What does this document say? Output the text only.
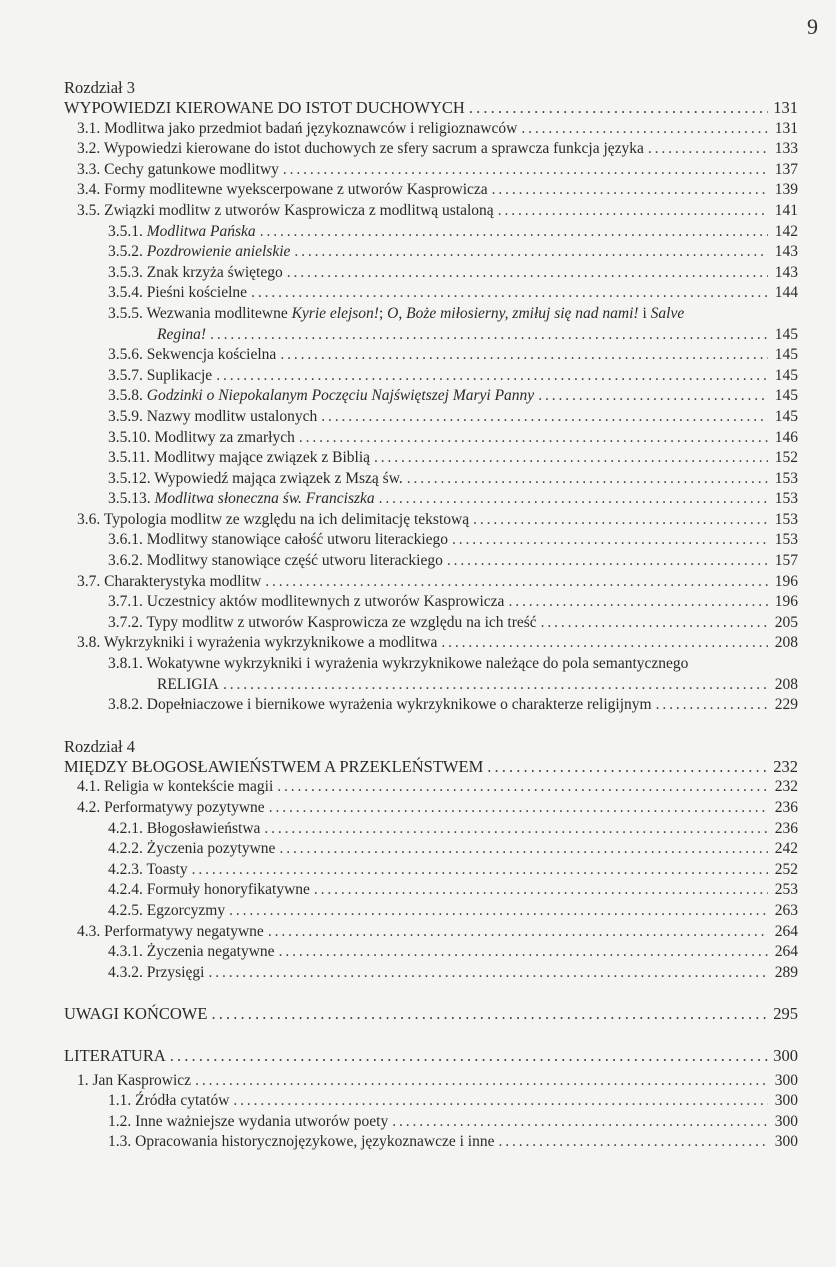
9
Rozdział 3
WYPOWIEDZI KIEROWANE DO ISTOT DUCHOWYCH . . .	131
3.1. Modlitwa jako przedmiot badań językoznawców i religioznawców . . .	131
3.2. Wypowiedzi kierowane do istot duchowych ze sfery sacrum a sprawcza funkcja języka . . .	133
3.3. Cechy gatunkowe modlitwy . . .	137
3.4. Formy modlitewne wyekscerpowane z utworów Kasprowicza . . .	139
3.5. Związki modlitw z utworów Kasprowicza z modlitwą ustaloną . . .	141
3.5.1. Modlitwa Pańska . . .	142
3.5.2. Pozdrowienie anielskie . . .	143
3.5.3. Znak krzyża świętego . . .	143
3.5.4. Pieśni kościelne . . .	144
3.5.5. Wezwania modlitewne Kyrie elejson!; O, Boże miłosierny, zmiłuj się nad nami! i Salve
Regina! . . .	145
3.5.6. Sekwencja kościelna . . .	145
3.5.7. Suplikacje . . .	145
3.5.8. Godzinki o Niepokalanym Poczęciu Najświętszej Maryi Panny . . .	145
3.5.9. Nazwy modlitw ustalonych . . .	145
3.5.10. Modlitwy za zmarłych . . .	146
3.5.11. Modlitwy mające związek z Biblią . . .	152
3.5.12. Wypowiedź mająca związek z Mszą św. . . .	153
3.5.13. Modlitwa słoneczna św. Franciszka . . .	153
3.6. Typologia modlitw ze względu na ich delimitację tekstową . . .	153
3.6.1. Modlitwy stanowiące całość utworu literackiego . . .	153
3.6.2. Modlitwy stanowiące część utworu literackiego . . .	157
3.7. Charakterystyka modlitw . . .	196
3.7.1. Uczestnicy aktów modlitewnych z utworów Kasprowicza . . .	196
3.7.2. Typy modlitw z utworów Kasprowicza ze względu na ich treść . . .	205
3.8. Wykrzykniki i wyrażenia wykrzyknikowe a modlitwa . . .	208
3.8.1. Wokatywne wykrzykniki i wyrażenia wykrzyknikowe należące do pola semantycznego
RELIGIA . . .	208
3.8.2. Dopełniaczowe i biernikowe wyrażenia wykrzyknikowe o charakterze religijnym . . .	229
Rozdział 4
MIĘDZY BŁOGOSŁAWIEŃSTWEM A PRZEKLEŃSTWEM . . .	232
4.1. Religia w kontekście magii . . .	232
4.2. Performatywy pozytywne . . .	236
4.2.1. Błogosławieństwa . . .	236
4.2.2. Życzenia pozytywne . . .	242
4.2.3. Toasty . . .	252
4.2.4. Formuły honoryfikatywne . . .	253
4.2.5. Egzorcyzmy . . .	263
4.3. Performatywy negatywne . . .	264
4.3.1. Życzenia negatywne . . .	264
4.3.2. Przysięgi . . .	289
UWAGI KOŃCOWE . . .	295
LITERATURA . . .	300
1. Jan Kasprowicz . . .	300
1.1. Źródła cytatów . . .	300
1.2. Inne ważniejsze wydania utworów poety . . .	300
1.3. Opracowania historycznojęzykowe, językoznawcze i inne . . .	300
